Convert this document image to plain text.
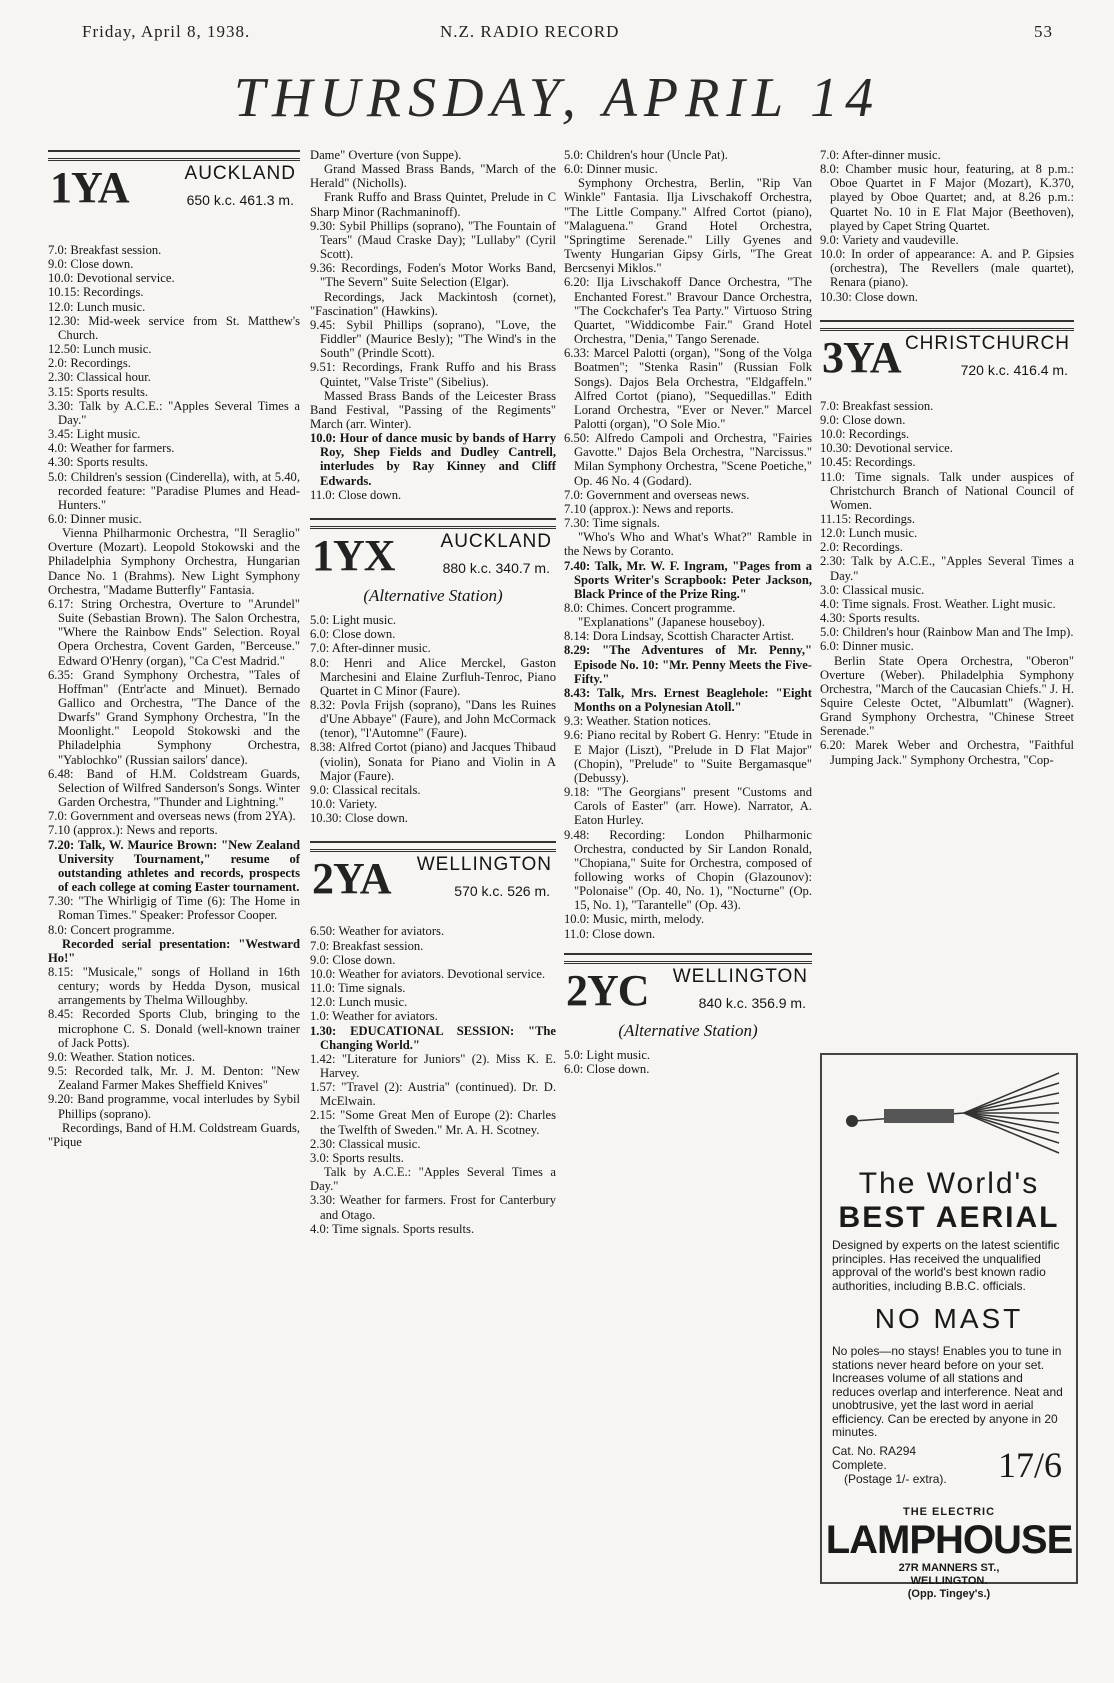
Friday, April 8, 1938.	N.Z. RADIO RECORD	53
THURSDAY, APRIL 14
1YA	AUCKLAND
650 k.c. 461.3 m.
7.0: Breakfast session.
9.0: Close down.
10.0: Devotional service.
10.15: Recordings.
12.0: Lunch music.
12.30: Mid-week service from St. Matthew's Church.
12.50: Lunch music.
2.0: Recordings.
2.30: Classical hour.
3.15: Sports results.
3.30: Talk by A.C.E.: "Apples Several Times a Day."
3.45: Light music.
4.0: Weather for farmers.
4.30: Sports results.
5.0: Children's session (Cinderella), with, at 5.40, recorded feature: "Paradise Plumes and Head-Hunters."
6.0: Dinner music.
Vienna Philharmonic Orchestra, "Il Seraglio" Overture (Mozart). Leopold Stokowski and the Philadelphia Symphony Orchestra, Hungarian Dance No. 1 (Brahms). New Light Symphony Orchestra, "Madame Butterfly" Fantasia.
6.17: String Orchestra, Overture to "Arundel" Suite (Sebastian Brown). The Salon Orchestra, "Where the Rainbow Ends" Selection. Royal Opera Orchestra, Covent Garden, "Berceuse." Edward O'Henry (organ), "Ca C'est Madrid."
6.35: Grand Symphony Orchestra, "Tales of Hoffman" (Entr'acte and Minuet). Bernado Gallico and Orchestra, "The Dance of the Dwarfs" Grand Symphony Orchestra, "In the Moonlight." Leopold Stokowski and the Philadelphia Symphony Orchestra, "Yablochko" (Russian sailors' dance).
6.48: Band of H.M. Coldstream Guards, Selection of Wilfred Sanderson's Songs. Winter Garden Orchestra, "Thunder and Lightning."
7.0: Government and overseas news (from 2YA).
7.10 (approx.): News and reports.
7.20: Talk, W. Maurice Brown: "New Zealand University Tournament," resume of outstanding athletes and records, prospects of each college at coming Easter tournament.
7.30: "The Whirligig of Time (6): The Home in Roman Times." Speaker: Professor Cooper.
8.0: Concert programme.
Recorded serial presentation: "Westward Ho!"
8.15: "Musicale," songs of Holland in 16th century; words by Hedda Dyson, musical arrangements by Thelma Willoughby.
8.45: Recorded Sports Club, bringing to the microphone C. S. Donald (well-known trainer of Jack Potts).
9.0: Weather. Station notices.
9.5: Recorded talk, Mr. J. M. Denton: "New Zealand Farmer Makes Sheffield Knives"
9.20: Band programme, vocal interludes by Sybil Phillips (soprano).
Recordings, Band of H.M. Coldstream Guards, "Pique
Dame" Overture (von Suppe).
Grand Massed Brass Bands, "March of the Herald" (Nicholls).
Frank Ruffo and Brass Quintet, Prelude in C Sharp Minor (Rachmaninoff).
9.30: Sybil Phillips (soprano), "The Fountain of Tears" (Maud Craske Day); "Lullaby" (Cyril Scott).
9.36: Recordings, Foden's Motor Works Band, "The Severn" Suite Selection (Elgar).
Recordings, Jack Mackintosh (cornet), "Fascination" (Hawkins).
9.45: Sybil Phillips (soprano), "Love, the Fiddler" (Maurice Besly); "The Wind's in the South" (Prindle Scott).
9.51: Recordings, Frank Ruffo and his Brass Quintet, "Valse Triste" (Sibelius).
Massed Brass Bands of the Leicester Brass Band Festival, "Passing of the Regiments" March (arr. Winter).
10.0: Hour of dance music by bands of Harry Roy, Shep Fields and Dudley Cantrell, interludes by Ray Kinney and Cliff Edwards.
11.0: Close down.
1YX AUCKLAND
880 k.c. 340.7 m.
(Alternative Station)
5.0: Light music.
6.0: Close down.
7.0: After-dinner music.
8.0: Henri and Alice Merckel, Gaston Marchesini and Elaine Zurfluh-Tenroc, Piano Quartet in C Minor (Faure).
8.32: Povla Frijsh (soprano), "Dans les Ruines d'Une Abbaye" (Faure), and John McCormack (tenor), "l'Automne" (Faure).
8.38: Alfred Cortot (piano) and Jacques Thibaud (violin), Sonata for Piano and Violin in A Major (Faure).
9.0: Classical recitals.
10.0: Variety.
10.30: Close down.
2YA WELLINGTON
570 k.c. 526 m.
6.50: Weather for aviators.
7.0: Breakfast session.
9.0: Close down.
10.0: Weather for aviators. Devotional service.
11.0: Time signals.
12.0: Lunch music.
1.0: Weather for aviators.
1.30: EDUCATIONAL SESSION: "The Changing World."
1.42: "Literature for Juniors" (2). Miss K. E. Harvey.
1.57: "Travel (2): Austria" (continued). Dr. D. McElwain.
2.15: "Some Great Men of Europe (2): Charles the Twelfth of Sweden." Mr. A. H. Scotney.
2.30: Classical music.
3.0: Sports results.
Talk by A.C.E.: "Apples Several Times a Day."
3.30: Weather for farmers. Frost for Canterbury and Otago.
4.0: Time signals. Sports results.
5.0: Children's hour (Uncle Pat).
6.0: Dinner music.
Symphony Orchestra, Berlin, "Rip Van Winkle" Fantasia. Ilja Livschakoff Orchestra, "The Little Company." Alfred Cortot (piano), "Malaguena." Grand Hotel Orchestra, "Springtime Serenade." Lilly Gyenes and Twenty Hungarian Gipsy Girls, "The Great Bercsenyi Miklos."
6.20: Ilja Livschakoff Dance Orchestra, "The Enchanted Forest." Bravour Dance Orchestra, "The Cockchafer's Tea Party." Virtuoso String Quartet, "Widdicombe Fair." Grand Hotel Orchestra, "Denia," Tango Serenade.
6.33: Marcel Palotti (organ), "Song of the Volga Boatmen"; "Stenka Rasin" (Russian Folk Songs). Dajos Bela Orchestra, "Eldgaffeln." Alfred Cortot (piano), "Sequedillas." Edith Lorand Orchestra, "Ever or Never." Marcel Palotti (organ), "O Sole Mio."
6.50: Alfredo Campoli and Orchestra, "Fairies Gavotte." Dajos Bela Orchestra, "Narcissus." Milan Symphony Orchestra, "Scene Poetiche," Op. 46 No. 4 (Godard).
7.0: Government and overseas news.
7.10 (approx.): News and reports.
7.30: Time signals.
"Who's Who and What's What?" Ramble in the News by Coranto.
7.40: Talk, Mr. W. F. Ingram, "Pages from a Sports Writer's Scrapbook: Peter Jackson, Black Prince of the Prize Ring."
8.0: Chimes. Concert programme.
"Explanations" (Japanese houseboy).
8.14: Dora Lindsay, Scottish Character Artist.
8.29: "The Adventures of Mr. Penny," Episode No. 10: "Mr. Penny Meets the Five-Fifty."
8.43: Talk, Mrs. Ernest Beaglehole: "Eight Months on a Polynesian Atoll."
9.3: Weather. Station notices.
9.6: Piano recital by Robert G. Henry: "Etude in E Major (Liszt), "Prelude in D Flat Major" (Chopin), "Prelude" to "Suite Bergamasque" (Debussy).
9.18: "The Georgians" present "Customs and Carols of Easter" (arr. Howe). Narrator, A. Eaton Hurley.
9.48: Recording: London Philharmonic Orchestra, conducted by Sir Landon Ronald, "Chopiana," Suite for Orchestra, composed of following works of Chopin (Glazounov): "Polonaise" (Op. 40, No. 1), "Nocturne" (Op. 15, No. 1), "Tarantelle" (Op. 43).
10.0: Music, mirth, melody.
11.0: Close down.
2YC WELLINGTON
840 k.c. 356.9 m.
(Alternative Station)
5.0: Light music.
6.0: Close down.
7.0: After-dinner music.
8.0: Chamber music hour, featuring, at 8 p.m.: Oboe Quartet in F Major (Mozart), K.370, played by Oboe Quartet; and, at 8.26 p.m.: Quartet No. 10 in E Flat Major (Beethoven), played by Capet String Quartet.
9.0: Variety and vaudeville.
10.0: In order of appearance: A. and P. Gipsies (orchestra), The Revellers (male quartet), Renara (piano).
10.30: Close down.
3YA CHRISTCHURCH
720 k.c. 416.4 m.
7.0: Breakfast session.
9.0: Close down.
10.0: Recordings.
10.30: Devotional service.
10.45: Recordings.
11.0: Time signals. Talk under auspices of Christchurch Branch of National Council of Women.
11.15: Recordings.
12.0: Lunch music.
2.0: Recordings.
2.30: Talk by A.C.E., "Apples Several Times a Day."
3.0: Classical music.
4.0: Time signals. Frost. Weather. Light music.
4.30: Sports results.
5.0: Children's hour (Rainbow Man and The Imp).
6.0: Dinner music.
Berlin State Opera Orchestra, "Oberon" Overture (Weber). Philadelphia Symphony Orchestra, "March of the Caucasian Chiefs." J. H. Squire Celeste Octet, "Albumlatt" (Wagner). Grand Symphony Orchestra, "Chinese Street Serenade."
6.20: Marek Weber and Orchestra, "Faithful Jumping Jack." Symphony Orchestra, "Cop-
The World's
BEST AERIAL
Designed by experts on the latest scientific principles. Has received the unqualified approval of the world's best known radio authorities, including B.B.C. officials.
NO MAST
No poles—no stays! Enables you to tune in stations never heard before on your set. Increases volume of all stations and reduces overlap and interference. Neat and unobtrusive, yet the last word in aerial efficiency. Can be erected by anyone in 20 minutes.
Cat. No. RA294
Complete.	17/6
(Postage 1/- extra).
THE ELECTRIC
LAMPHOUSE
27R MANNERS ST.,
WELLINGTON.
(Opp. Tingey's.)
